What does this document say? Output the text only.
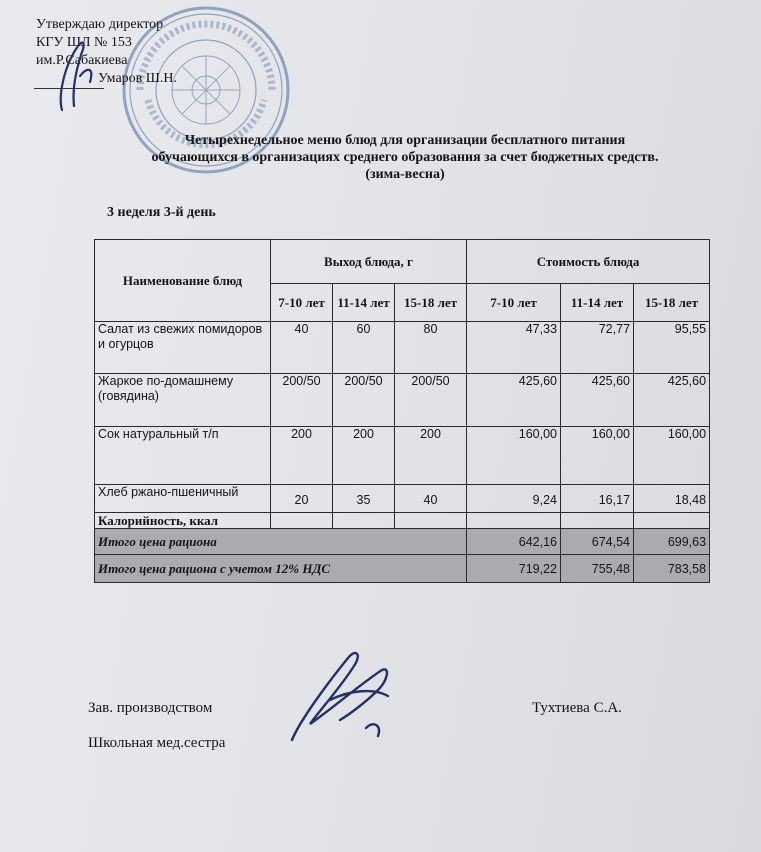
Утверждаю директор
КГУ ШЛ № 153
им.Р.Сабакиева
Умаров Ш.Н.
Четырехнедельное меню блюд для организации бесплатного питания
обучающихся в организациях среднего образования за счет бюджетных средств.
(зима-весна)
3 неделя 3-й день
Наименование блюд	Выход блюда, г			Стоимость блюда		
	7-10 лет	11-14 лет	15-18 лет	7-10 лет	11-14 лет	15-18 лет
Салат из свежих помидоров и огурцов	40	60	80	47,33	72,77	95,55
Жаркое по-домашнему (говядина)	200/50	200/50	200/50	425,60	425,60	425,60
Сок натуральный т/п	200	200	200	160,00	160,00	160,00
Хлеб ржано-пшеничный	20	35	40	9,24	16,17	18,48
Калорийность, ккал						
Итого цена рациона				642,16	674,54	699,63
Итого цена рациона с учетом 12% НДС				719,22	755,48	783,58
Зав. производством	Тухтиева С.А.
Школьная мед.сестра
